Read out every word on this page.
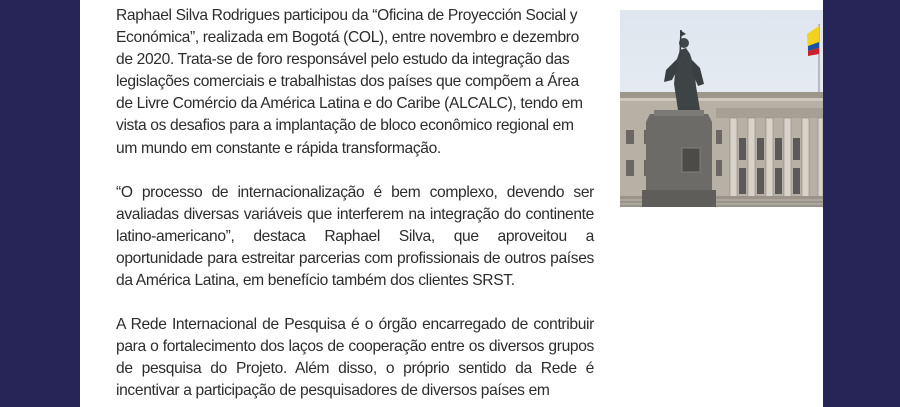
Raphael Silva Rodrigues participou da “Oficina de Proyección Social y Económica”, realizada em Bogotá (COL), entre novembro e dezembro de 2020. Trata-se de foro responsável pelo estudo da integração das legislações comerciais e trabalhistas dos países que compõem a Área de Livre Comércio da América Latina e do Caribe (ALCALC), tendo em vista os desafios para a implantação de bloco econômico regional em um mundo em constante e rápida transformação.

“O processo de internacionalização é bem complexo, devendo ser avaliadas diversas variáveis que interferem na integração do continente latino-americano”, destaca Raphael Silva, que aproveitou a oportunidade para estreitar parcerias com profissionais de outros países da América Latina, em benefício também dos clientes SRST.

A Rede Internacional de Pesquisa é o órgão encarregado de contribuir para o fortalecimento dos laços de cooperação entre os diversos grupos de pesquisa do Projeto. Além disso, o próprio sentido da Rede é incentivar a participação de pesquisadores de diversos países em
